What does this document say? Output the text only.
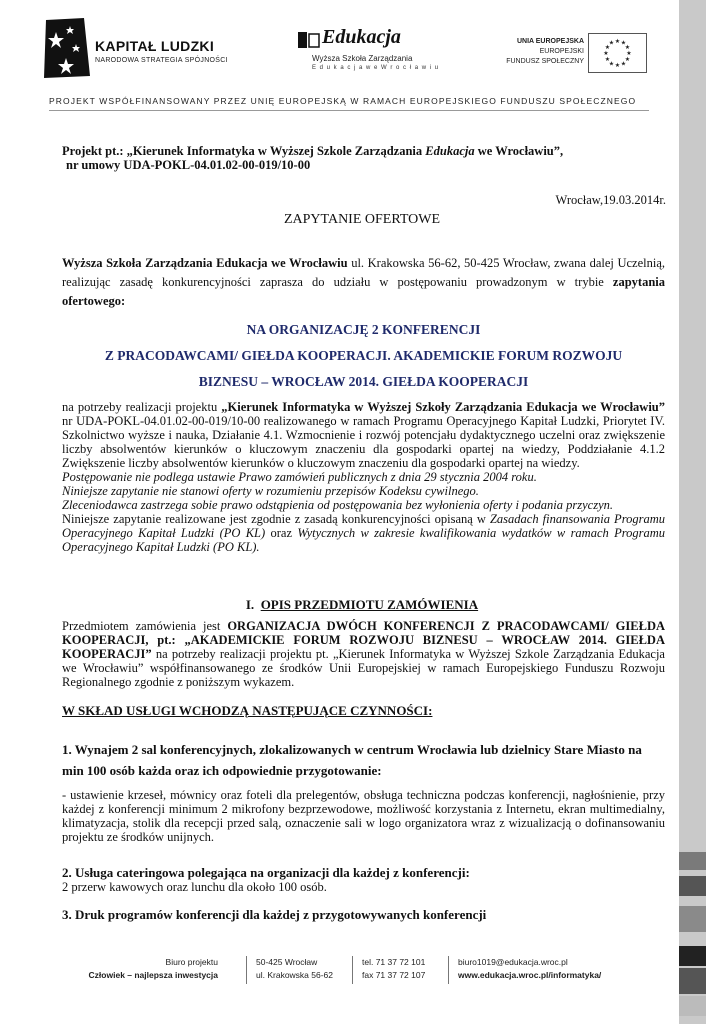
KAPITAŁ LUDZKI
NARODOWA STRATEGIA SPÓJNOŚCI
Edukacja
Wyższa Szkoła Zarządzania
E d u k a c j a w e W r o c ł a w i u
UNIA EUROPEJSKA
EUROPEJSKI
FUNDUSZ SPOŁECZNY
★ ★
★
★
★
★
★
★
★
★
★
★
PROJEKT WSPÓŁFINANSOWANY PRZEZ UNIĘ EUROPEJSKĄ W RAMACH EUROPEJSKIEGO FUNDUSZU SPOŁECZNEGO
Projekt pt.: „Kierunek Informatyka w Wyższej Szkole Zarządzania Edukacja we Wrocławiu”,
nr umowy UDA-POKL-04.01.02-00-019/10-00
Wrocław,19.03.2014r.
ZAPYTANIE OFERTOWE
Wyższa Szkoła Zarządzania Edukacja we Wrocławiu ul. Krakowska 56-62, 50-425 Wrocław, zwana dalej Uczelnią, realizując zasadę konkurencyjności zaprasza do udziału w postępowaniu prowadzonym w trybie zapytania ofertowego:
NA ORGANIZACJĘ 2 KONFERENCJI
Z PRACODAWCAMI/ GIEŁDA KOOPERACJI. AKADEMICKIE FORUM ROZWOJU
BIZNESU – WROCŁAW 2014. GIEŁDA KOOPERACJI

na potrzeby realizacji projektu „Kierunek Informatyka w Wyższej Szkoły Zarządzania Edukacja we Wrocławiu” nr UDA-POKL-04.01.02-00-019/10-00 realizowanego w ramach Programu Operacyjnego Kapitał Ludzki, Priorytet IV. Szkolnictwo wyższe i nauka, Działanie 4.1. Wzmocnienie i rozwój potencjału dydaktycznego uczelni oraz zwiększenie liczby absolwentów kierunków o kluczowym znaczeniu dla gospodarki opartej na wiedzy, Poddziałanie 4.1.2 Zwiększenie liczby absolwentów kierunków o kluczowym znaczeniu dla gospodarki opartej na wiedzy.

Postępowanie nie podlega ustawie Prawo zamówień publicznych z dnia 29 stycznia 2004 roku.

Niniejsze zapytanie nie stanowi oferty w rozumieniu przepisów Kodeksu cywilnego.

Zleceniodawca zastrzega sobie prawo odstąpienia od postępowania bez wyłonienia oferty i podania przyczyn.

Niniejsze zapytanie realizowane jest zgodnie z zasadą konkurencyjności opisaną w Zasadach finansowania Programu Operacyjnego Kapitał Ludzki (PO KL) oraz Wytycznych w zakresie kwalifikowania wydatków w ramach Programu Operacyjnego Kapitał Ludzki (PO KL).

I. OPIS PRZEDMIOTU ZAMÓWIENIA
Przedmiotem zamówienia jest ORGANIZACJA DWÓCH KONFERENCJI Z PRACODAWCAMI/ GIEŁDA KOOPERACJI, pt.: „AKADEMICKIE FORUM ROZWOJU BIZNESU – WROCŁAW 2014. GIEŁDA KOOPERACJI” na potrzeby realizacji projektu pt. „Kierunek Informatyka w Wyższej Szkole Zarządzania Edukacja we Wrocławiu” współfinansowanego ze środków Unii Europejskiej w ramach Europejskiego Funduszu Rozwoju Regionalnego zgodnie z poniższym wykazem.
W SKŁAD USŁUGI WCHODZĄ NASTĘPUJĄCE CZYNNOŚCI:
1. Wynajem 2 sal konferencyjnych, zlokalizowanych w centrum Wrocławia lub dzielnicy Stare Miasto na min 100 osób każda oraz ich odpowiednie przygotowanie:
- ustawienie krzeseł, mównicy oraz foteli dla prelegentów, obsługa techniczna podczas konferencji, nagłośnienie, przy każdej z konferencji minimum 2 mikrofony bezprzewodowe, możliwość korzystania z Internetu, ekran multimedialny, klimatyzacja, stolik dla recepcji przed salą, oznaczenie sali w logo organizatora wraz z wizualizacją o dofinansowaniu projektu ze środków unijnych.
2. Usługa cateringowa polegająca na organizacji dla każdej z konferencji:
2 przerw kawowych oraz lunchu dla około 100 osób.
3. Druk programów konferencji dla każdej z przygotowywanych konferencji
Biuro projektu
Człowiek – najlepsza inwestycja
50-425 Wrocław
ul. Krakowska 56-62
tel. 71 37 72 101
fax 71 37 72 107
biuro1019@edukacja.wroc.pl
www.edukacja.wroc.pl/informatyka/
